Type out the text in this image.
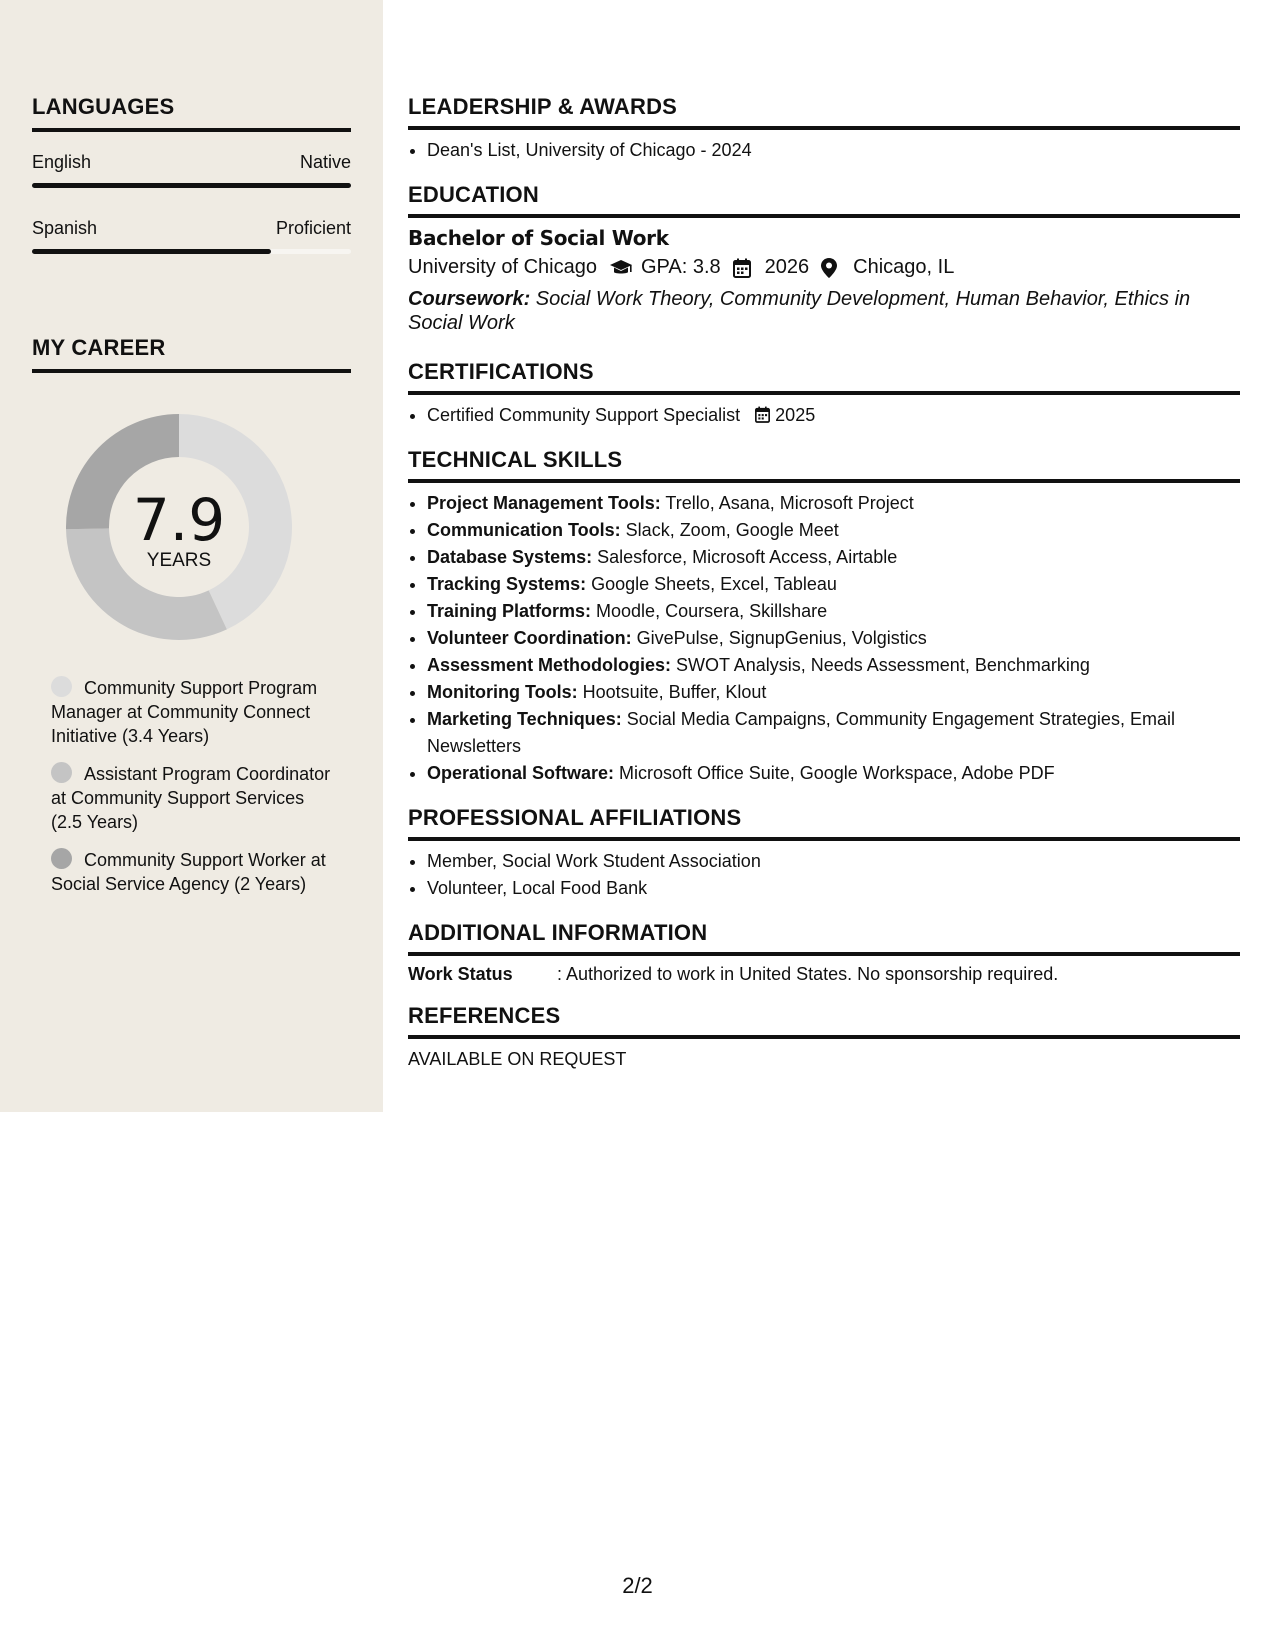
LANGUAGES
English	Native
Spanish	Proficient
MY CAREER
7.9
YEARS
Community Support Program Manager at Community Connect Initiative (3.4 Years)
Assistant Program Coordinator at Community Support Services (2.5 Years)
Community Support Worker at Social Service Agency (2 Years)
LEADERSHIP & AWARDS
• Dean's List, University of Chicago - 2024
EDUCATION
Bachelor of Social Work
University of Chicago GPA: 3.8 2026 Chicago, IL
Coursework: Social Work Theory, Community Development, Human Behavior, Ethics in Social Work
CERTIFICATIONS
• Certified Community Support Specialist 2025
TECHNICAL SKILLS
• Project Management Tools: Trello, Asana, Microsoft Project
• Communication Tools: Slack, Zoom, Google Meet
• Database Systems: Salesforce, Microsoft Access, Airtable
• Tracking Systems: Google Sheets, Excel, Tableau
• Training Platforms: Moodle, Coursera, Skillshare
• Volunteer Coordination: GivePulse, SignupGenius, Volgistics
• Assessment Methodologies: SWOT Analysis, Needs Assessment, Benchmarking
• Monitoring Tools: Hootsuite, Buffer, Klout
• Marketing Techniques: Social Media Campaigns, Community Engagement Strategies, Email Newsletters
• Operational Software: Microsoft Office Suite, Google Workspace, Adobe PDF
PROFESSIONAL AFFILIATIONS
• Member, Social Work Student Association
• Volunteer, Local Food Bank
ADDITIONAL INFORMATION
Work Status	: Authorized to work in United States. No sponsorship required.
REFERENCES
AVAILABLE ON REQUEST
2/2
